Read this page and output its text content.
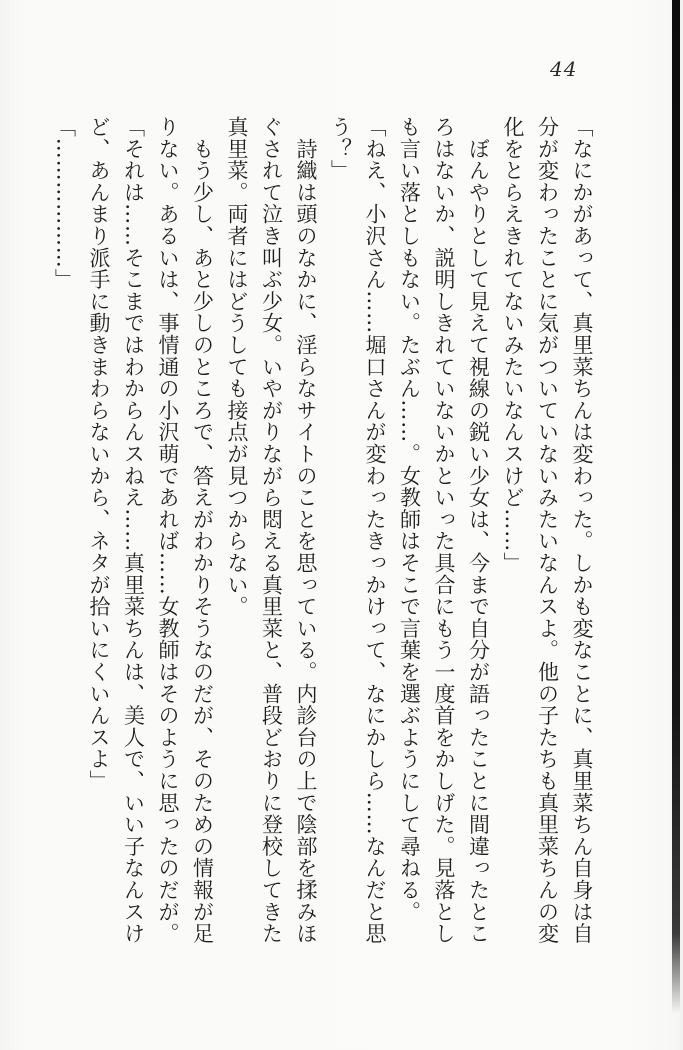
44

「なにかがあって、真里菜ちんは変わった。しかも変なことに、真里菜ちん自身は自

分が変わったことに気がついていないみたいなんスよ。他の子たちも真里菜ちんの変

化をとらえきれてないみたいなんスけど……」

　ぼんやりとして見えて視線の鋭い少女は、今まで自分が語ったことに間違ったとこ

ろはないか、説明しきれていないかといった具合にもう一度首をかしげた。見落とし

も言い落としもない。たぶん……。女教師はそこで言葉を選ぶようにして尋ねる。

「ねえ、小沢さん……堀口さんが変わったきっかけって、なにかしら……なんだと思

う？」

　詩織は頭のなかに、淫らなサイトのことを思っている。内診台の上で陰部を揉みほ

ぐされて泣き叫ぶ少女。いやがりながら悶える真里菜と、普段どおりに登校してきた

真里菜。両者にはどうしても接点が見つからない。

　もう少し、あと少しのところで、答えがわかりそうなのだが、そのための情報が足

りない。あるいは、事情通の小沢萌であれば……女教師はそのように思ったのだが。

「それは……そこまではわからんスねえ……真里菜ちんは、美人で、いい子なんスけ

ど、あんまり派手に動きまわらないから、ネタが拾いにくいんスよ」

「………………」
